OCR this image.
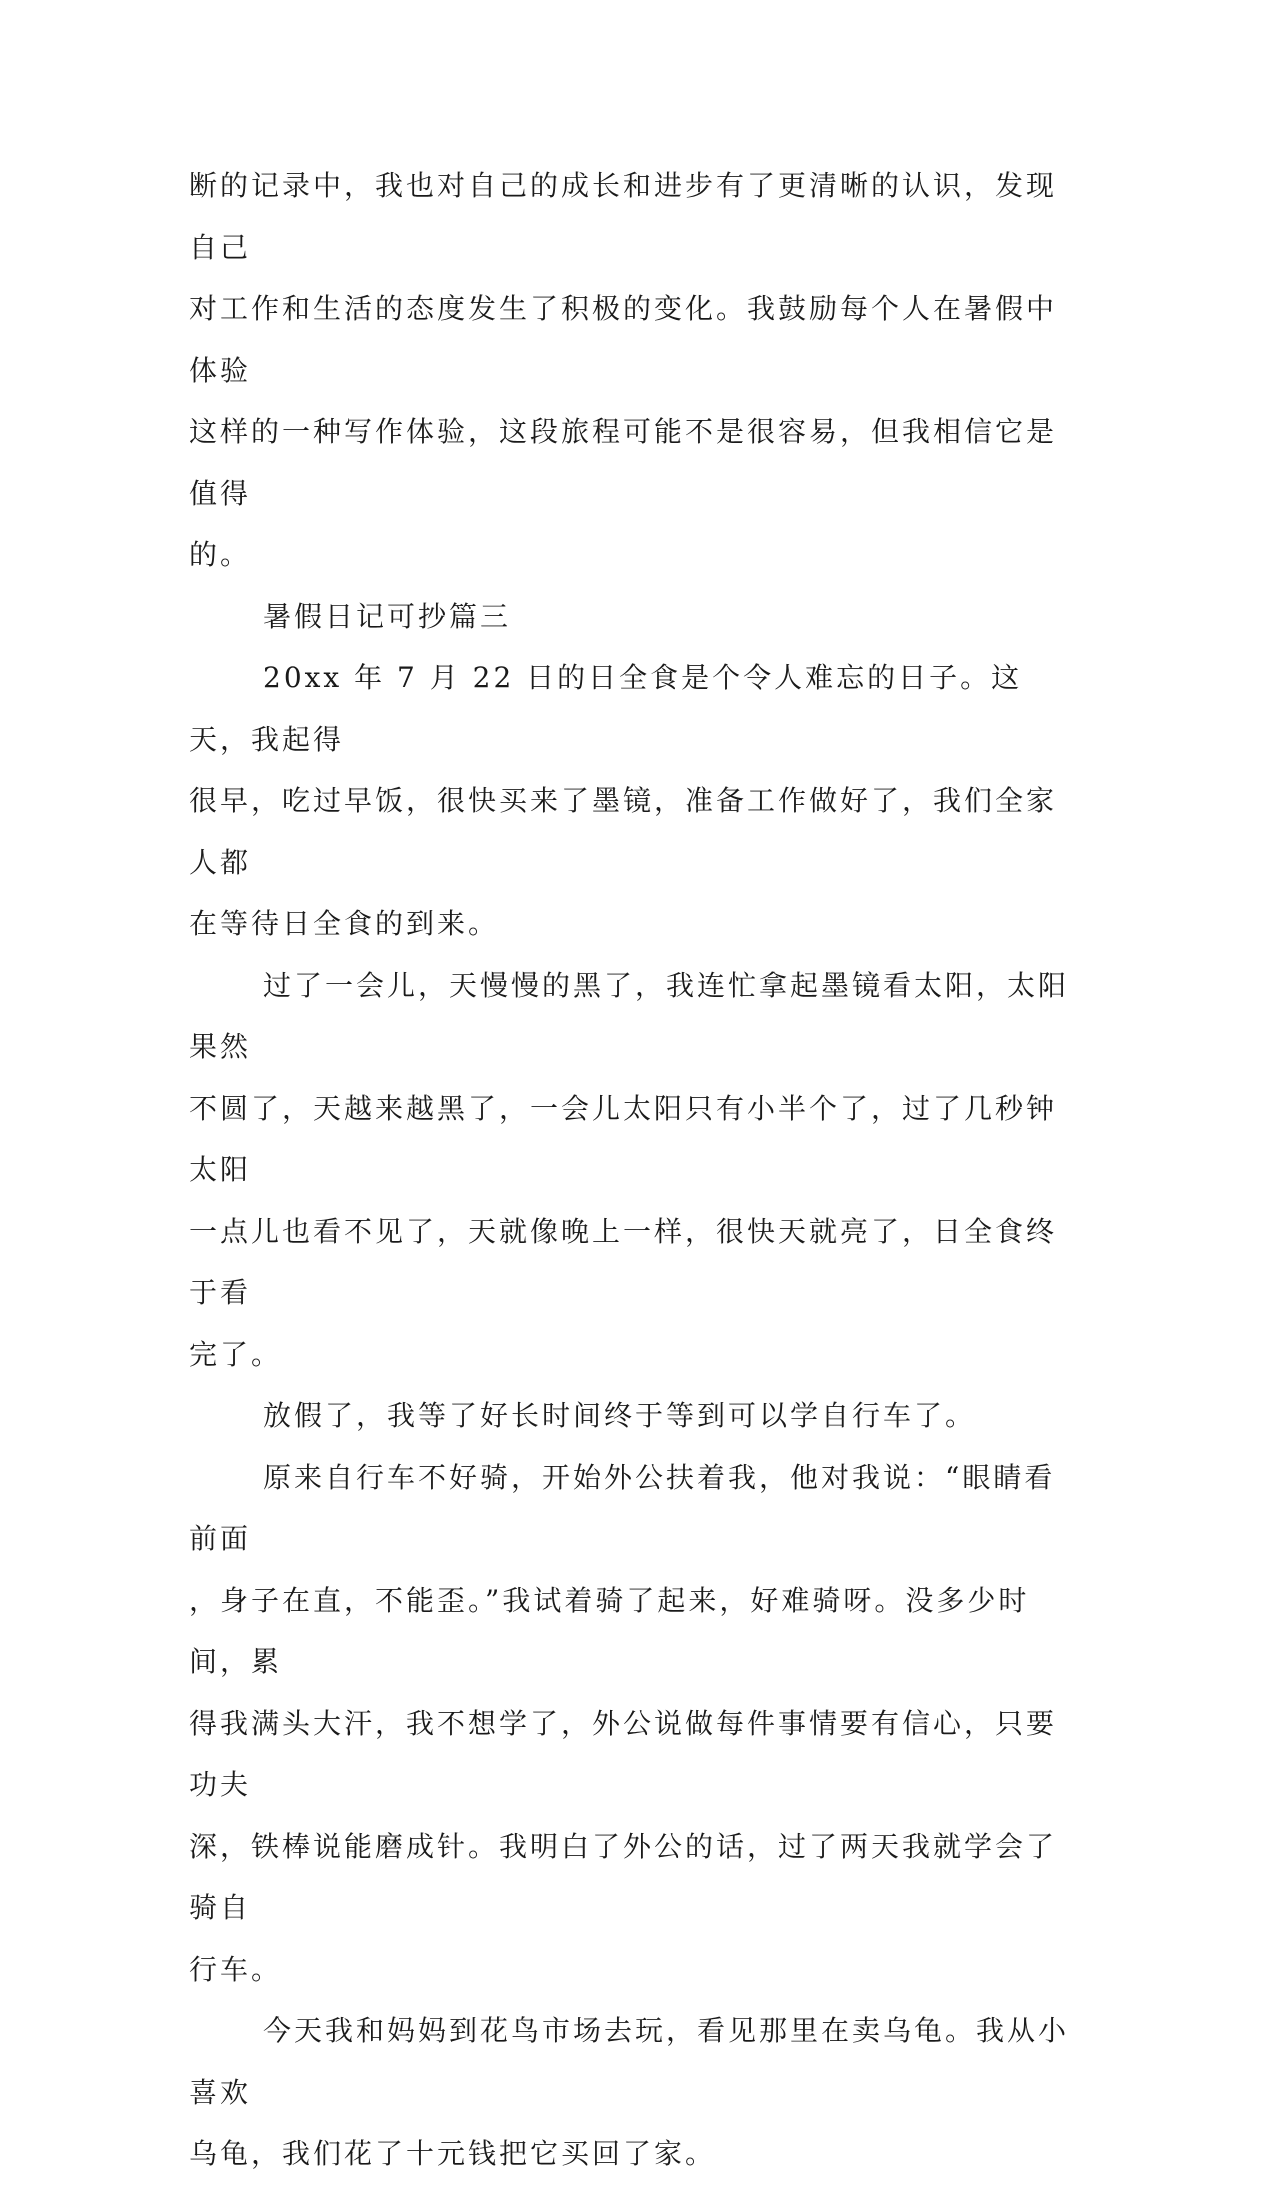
断的记录中，我也对自己的成长和进步有了更清晰的认识，发现自己
对工作和生活的态度发生了积极的变化。我鼓励每个人在暑假中体验
这样的一种写作体验，这段旅程可能不是很容易，但我相信它是值得
的。

暑假日记可抄篇三

20xx 年 7 月 22 日的日全食是个令人难忘的日子。这天，我起得
很早，吃过早饭，很快买来了墨镜，准备工作做好了，我们全家人都
在等待日全食的到来。

过了一会儿，天慢慢的黑了，我连忙拿起墨镜看太阳，太阳果然
不圆了，天越来越黑了，一会儿太阳只有小半个了，过了几秒钟太阳
一点儿也看不见了，天就像晚上一样，很快天就亮了，日全食终于看
完了。

放假了，我等了好长时间终于等到可以学自行车了。

原来自行车不好骑，开始外公扶着我，他对我说：“眼睛看前面
，身子在直，不能歪。”我试着骑了起来，好难骑呀。没多少时间，累
得我满头大汗，我不想学了，外公说做每件事情要有信心，只要功夫
深，铁棒说能磨成针。我明白了外公的话，过了两天我就学会了骑自
行车。

今天我和妈妈到花鸟市场去玩，看见那里在卖乌龟。我从小喜欢
乌龟，我们花了十元钱把它买回了家。
